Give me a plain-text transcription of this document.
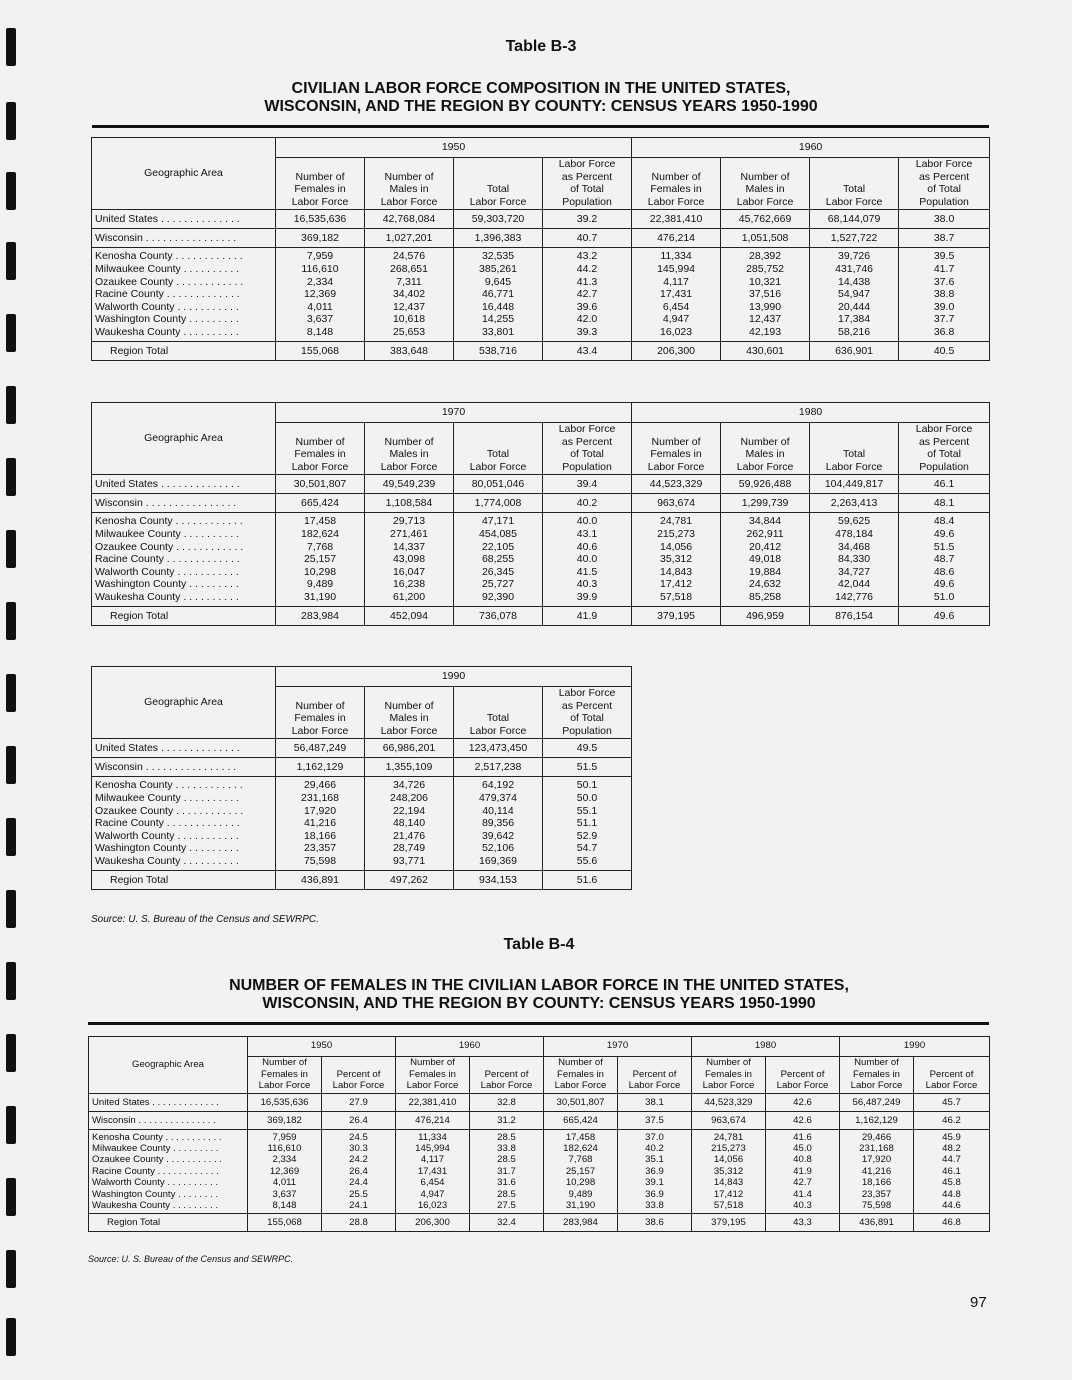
Table B-3
CIVILIAN LABOR FORCE COMPOSITION IN THE UNITED STATES,
WISCONSIN, AND THE REGION BY COUNTY: CENSUS YEARS 1950-1990
Geographic Area	1950				1960			
	Number of
Females in
Labor Force	Number of
Males in
Labor Force	Total
Labor Force	Labor Force
as Percent
of Total
Population	Number of
Females in
Labor Force	Number of
Males in
Labor Force	Total
Labor Force	Labor Force
as Percent
of Total
Population
United States . . . . . . . . . . . . . .	16,535,636	42,768,084	59,303,720	39.2	22,381,410	45,762,669	68,144,079	38.0
Wisconsin . . . . . . . . . . . . . . . .	369,182	1,027,201	1,396,383	40.7	476,214	1,051,508	1,527,722	38.7
Kenosha County . . . . . . . . . . . .	7,959	24,576	32,535	43.2	11,334	28,392	39,726	39.5
Milwaukee County . . . . . . . . . .	116,610	268,651	385,261	44.2	145,994	285,752	431,746	41.7
Ozaukee County . . . . . . . . . . . .	2,334	7,311	9,645	41.3	4,117	10,321	14,438	37.6
Racine County . . . . . . . . . . . . .	12,369	34,402	46,771	42.7	17,431	37,516	54,947	38.8
Walworth County . . . . . . . . . . .	4,011	12,437	16,448	39.6	6,454	13,990	20,444	39.0
Washington County . . . . . . . . .	3,637	10,618	14,255	42.0	4,947	12,437	17,384	37.7
Waukesha County . . . . . . . . . .	8,148	25,653	33,801	39.3	16,023	42,193	58,216	36.8
Region Total	155,068	383,648	538,716	43.4	206,300	430,601	636,901	40.5
Geographic Area	1970				1980			
	Number of
Females in
Labor Force	Number of
Males in
Labor Force	Total
Labor Force	Labor Force
as Percent
of Total
Population	Number of
Females in
Labor Force	Number of
Males in
Labor Force	Total
Labor Force	Labor Force
as Percent
of Total
Population
United States . . . . . . . . . . . . . .	30,501,807	49,549,239	80,051,046	39.4	44,523,329	59,926,488	104,449,817	46.1
Wisconsin . . . . . . . . . . . . . . . .	665,424	1,108,584	1,774,008	40.2	963,674	1,299,739	2,263,413	48.1
Kenosha County . . . . . . . . . . . .	17,458	29,713	47,171	40.0	24,781	34,844	59,625	48.4
Milwaukee County . . . . . . . . . .	182,624	271,461	454,085	43.1	215,273	262,911	478,184	49.6
Ozaukee County . . . . . . . . . . . .	7,768	14,337	22,105	40.6	14,056	20,412	34,468	51.5
Racine County . . . . . . . . . . . . .	25,157	43,098	68,255	40.0	35,312	49,018	84,330	48.7
Walworth County . . . . . . . . . . .	10,298	16,047	26,345	41.5	14,843	19,884	34,727	48.6
Washington County . . . . . . . . .	9,489	16,238	25,727	40.3	17,412	24,632	42,044	49.6
Waukesha County . . . . . . . . . .	31,190	61,200	92,390	39.9	57,518	85,258	142,776	51.0
Region Total	283,984	452,094	736,078	41.9	379,195	496,959	876,154	49.6
Geographic Area	1990			
	Number of
Females in
Labor Force	Number of
Males in
Labor Force	Total
Labor Force	Labor Force
as Percent
of Total
Population
United States . . . . . . . . . . . . . .	56,487,249	66,986,201	123,473,450	49.5
Wisconsin . . . . . . . . . . . . . . . .	1,162,129	1,355,109	2,517,238	51.5
Kenosha County . . . . . . . . . . . .	29,466	34,726	64,192	50.1
Milwaukee County . . . . . . . . . .	231,168	248,206	479,374	50.0
Ozaukee County . . . . . . . . . . . .	17,920	22,194	40,114	55.1
Racine County . . . . . . . . . . . . .	41,216	48,140	89,356	51.1
Walworth County . . . . . . . . . . .	18,166	21,476	39,642	52.9
Washington County . . . . . . . . .	23,357	28,749	52,106	54.7
Waukesha County . . . . . . . . . .	75,598	93,771	169,369	55.6
Region Total	436,891	497,262	934,153	51.6
Source: U. S. Bureau of the Census and SEWRPC.
Table B-4
NUMBER OF FEMALES IN THE CIVILIAN LABOR FORCE IN THE UNITED STATES,
WISCONSIN, AND THE REGION BY COUNTY: CENSUS YEARS 1950-1990
Geographic Area	1950		1960		1970		1980		1990	
	Number of
Females in
Labor Force	Percent of
Labor Force	Number of
Females in
Labor Force	Percent of
Labor Force	Number of
Females in
Labor Force	Percent of
Labor Force	Number of
Females in
Labor Force	Percent of
Labor Force	Number of
Females in
Labor Force	Percent of
Labor Force
United States . . . . . . . . . . . . .	16,535,636	27.9	22,381,410	32.8	30,501,807	38.1	44,523,329	42.6	56,487,249	45.7
Wisconsin . . . . . . . . . . . . . . .	369,182	26.4	476,214	31.2	665,424	37.5	963,674	42.6	1,162,129	46.2
Kenosha County . . . . . . . . . . .	7,959	24.5	11,334	28.5	17,458	37.0	24,781	41.6	29,466	45.9
Milwaukee County . . . . . . . . .	116,610	30.3	145,994	33.8	182,624	40.2	215,273	45.0	231,168	48.2
Ozaukee County . . . . . . . . . . .	2,334	24.2	4,117	28.5	7,768	35.1	14,056	40.8	17,920	44.7
Racine County . . . . . . . . . . . .	12,369	26.4	17,431	31.7	25,157	36.9	35,312	41.9	41,216	46.1
Walworth County . . . . . . . . . .	4,011	24.4	6,454	31.6	10,298	39.1	14,843	42.7	18,166	45.8
Washington County . . . . . . . .	3,637	25.5	4,947	28.5	9,489	36.9	17,412	41.4	23,357	44.8
Waukesha County . . . . . . . . .	8,148	24.1	16,023	27.5	31,190	33.8	57,518	40.3	75,598	44.6
Region Total	155,068	28.8	206,300	32.4	283,984	38.6	379,195	43.3	436,891	46.8
Source: U. S. Bureau of the Census and SEWRPC.
97
